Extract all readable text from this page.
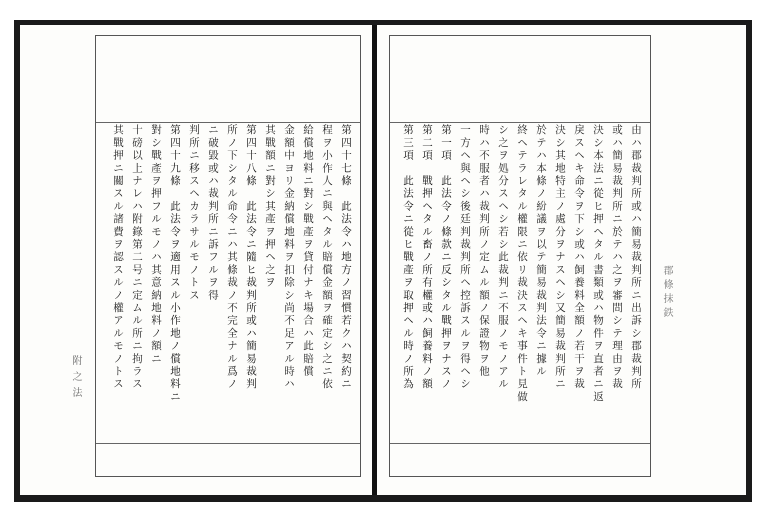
附之法	第四十七條　此法令ハ地方ノ習慣若クハ契約ニ
程ヲ小作人ニ與ヘタル賠償金額ヲ確定シ之ニ依
給償地料ニ對シ戰產ヲ貸付ナキ場合ハ此賠償
金額中ヨリ金納償地料ヲ扣除シ尚不足アル時ハ
其戰額ニ對シ其產ヲ押ヘ之ヲ
第四十八條　此法令ニ隨ヒ裁判所或ハ簡易裁判
所ノ下シタル命令ニハ其條裁ノ不完全ナル爲ノ
ニ破毀或ハ裁判所ニ訴フルヲ得
判所ニ移スヘカラサルモノトス
第四十九條　此法令ヲ適用スル小作地ノ償地料ニ
對シ戰產ヲ押フルモノハ其意納地料ノ額ニ
十磅以上ナレハ附錄第二号ニ定ムル所ニ拘ラス
其戰押ニ關スル諸費ヲ認スルノ權アルモノトス	由ハ郡裁判所或ハ簡易裁判所ニ出訴シ郡裁判所
或ハ簡易裁判所ニ於テハ之ヲ審問シテ理由ヲ裁
決シ本法ニ從ヒ押ヘタル書類或ハ物件ヲ直者ニ返
戾スヘキ命令ヲ下シ或ハ飼養料全額ノ若干ヲ裁
決シ其地特主ノ處分ヲナスヘシ又簡易裁判所ニ
於テハ本條ノ紛議ヲ以テ簡易裁判法令ニ據ル
終ヘテラレタル權限ニ依リ裁決スヘキ事件ト見做
シ之ヲ処分スヘシ若シ此裁判ニ不服ノモノアル
時ハ不服者ハ裁判所ノ定ムル額ノ保證物ヲ他
一方ヘ與ヘシ後廷判裁判所ヘ控訴スルヲ得ヘシ
第一項　此法令ノ條款ニ反シタル戰押ヲナスノ
第二項　戰押ヘタル畜ノ所有權或ハ飼養料ノ額
第三項　此法令ニ從ヒ戰產ヲ取押ヘル時ノ所為	郡條抹鉄
